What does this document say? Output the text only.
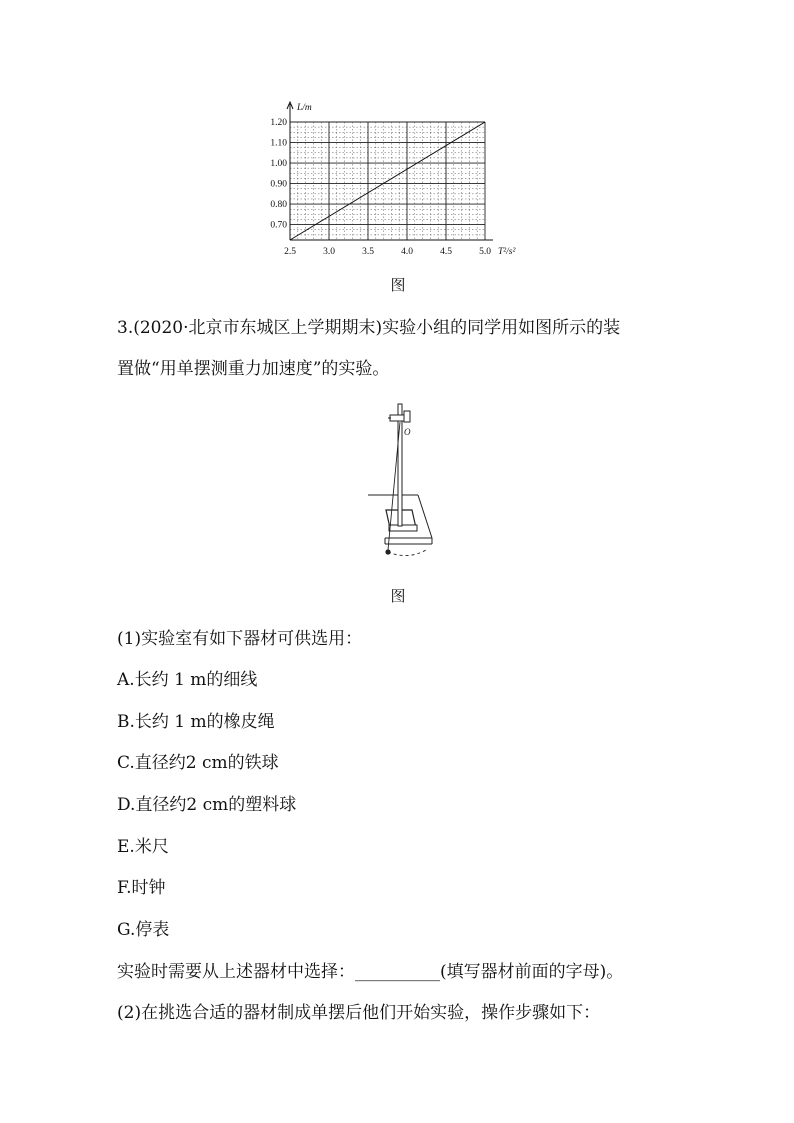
2.5	3.0	3.5	4.0	4.5	5.0
0.70
0.80
0.90
1.00
1.10
1.20
L/m
T²/s²
图
3.(2020·北京市东城区上学期期末)实验小组的同学用如图所示的装
置做“用单摆测重力加速度”的实验。
O
图
(1)实验室有如下器材可供选用：
A.长约 1 m的细线
B.长约 1 m的橡皮绳
C.直径约2 cm的铁球
D.直径约2 cm的塑料球
E.米尺
F.时钟
G.停表
实验时需要从上述器材中选择：__________(填写器材前面的字母)。
(2)在挑选合适的器材制成单摆后他们开始实验，操作步骤如下：
